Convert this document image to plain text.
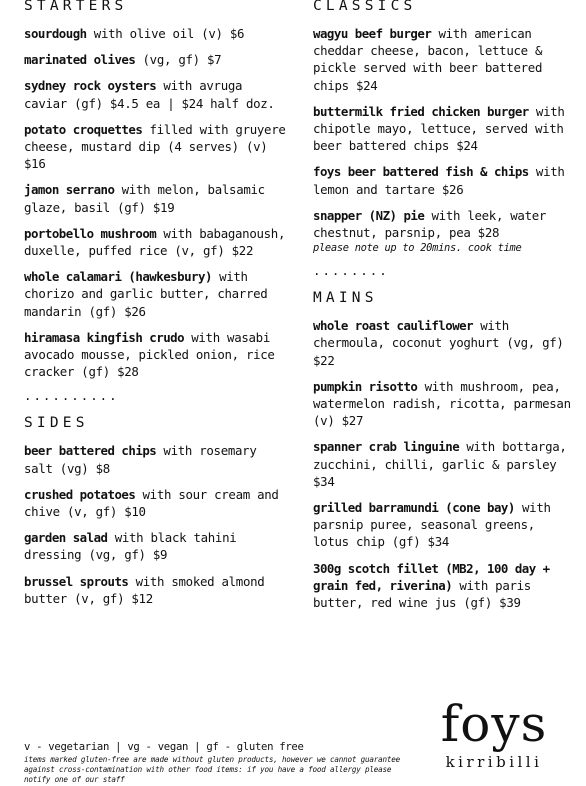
STARTERS
sourdough with olive oil (v) $6
marinated olives (vg, gf) $7
sydney rock oysters with avruga caviar (gf) $4.5 ea | $24 half doz.
potato croquettes filled with gruyere cheese, mustard dip (4 serves) (v) $16
jamon serrano with melon, balsamic glaze, basil (gf) $19
portobello mushroom with babaganoush, duxelle, puffed rice (v, gf) $22
whole calamari (hawkesbury) with chorizo and garlic butter, charred mandarin (gf) $26
hiramasa kingfish crudo with wasabi avocado mousse, pickled onion, rice cracker (gf) $28
..........
SIDES
beer battered chips with rosemary salt (vg) $8
crushed potatoes with sour cream and chive (v, gf) $10
garden salad with black tahini dressing (vg, gf) $9
brussel sprouts with smoked almond butter (v, gf) $12
CLASSICS
wagyu beef burger with american cheddar cheese, bacon, lettuce & pickle served with beer battered chips $24
buttermilk fried chicken burger with chipotle mayo, lettuce, served with beer battered chips $24
foys beer battered fish & chips with lemon and tartare $26
snapper (NZ) pie with leek, water chestnut, parsnip, pea $28
please note up to 20mins. cook time
........
MAINS
whole roast cauliflower with chermoula, coconut yoghurt (vg, gf) $22
pumpkin risotto with mushroom, pea, watermelon radish, ricotta, parmesan (v) $27
spanner crab linguine with bottarga, zucchini, chilli, garlic & parsley $34
grilled barramundi (cone bay) with parsnip puree, seasonal greens, lotus chip (gf) $34
300g scotch fillet (MB2, 100 day + grain fed, riverina) with paris butter, red wine jus (gf) $39
v - vegetarian | vg - vegan | gf - gluten free
items marked gluten-free are made without gluten products, however we cannot guarantee against cross-contamination with other food items: if you have a food allergy please notify one of our staff
foys
kirribilli
